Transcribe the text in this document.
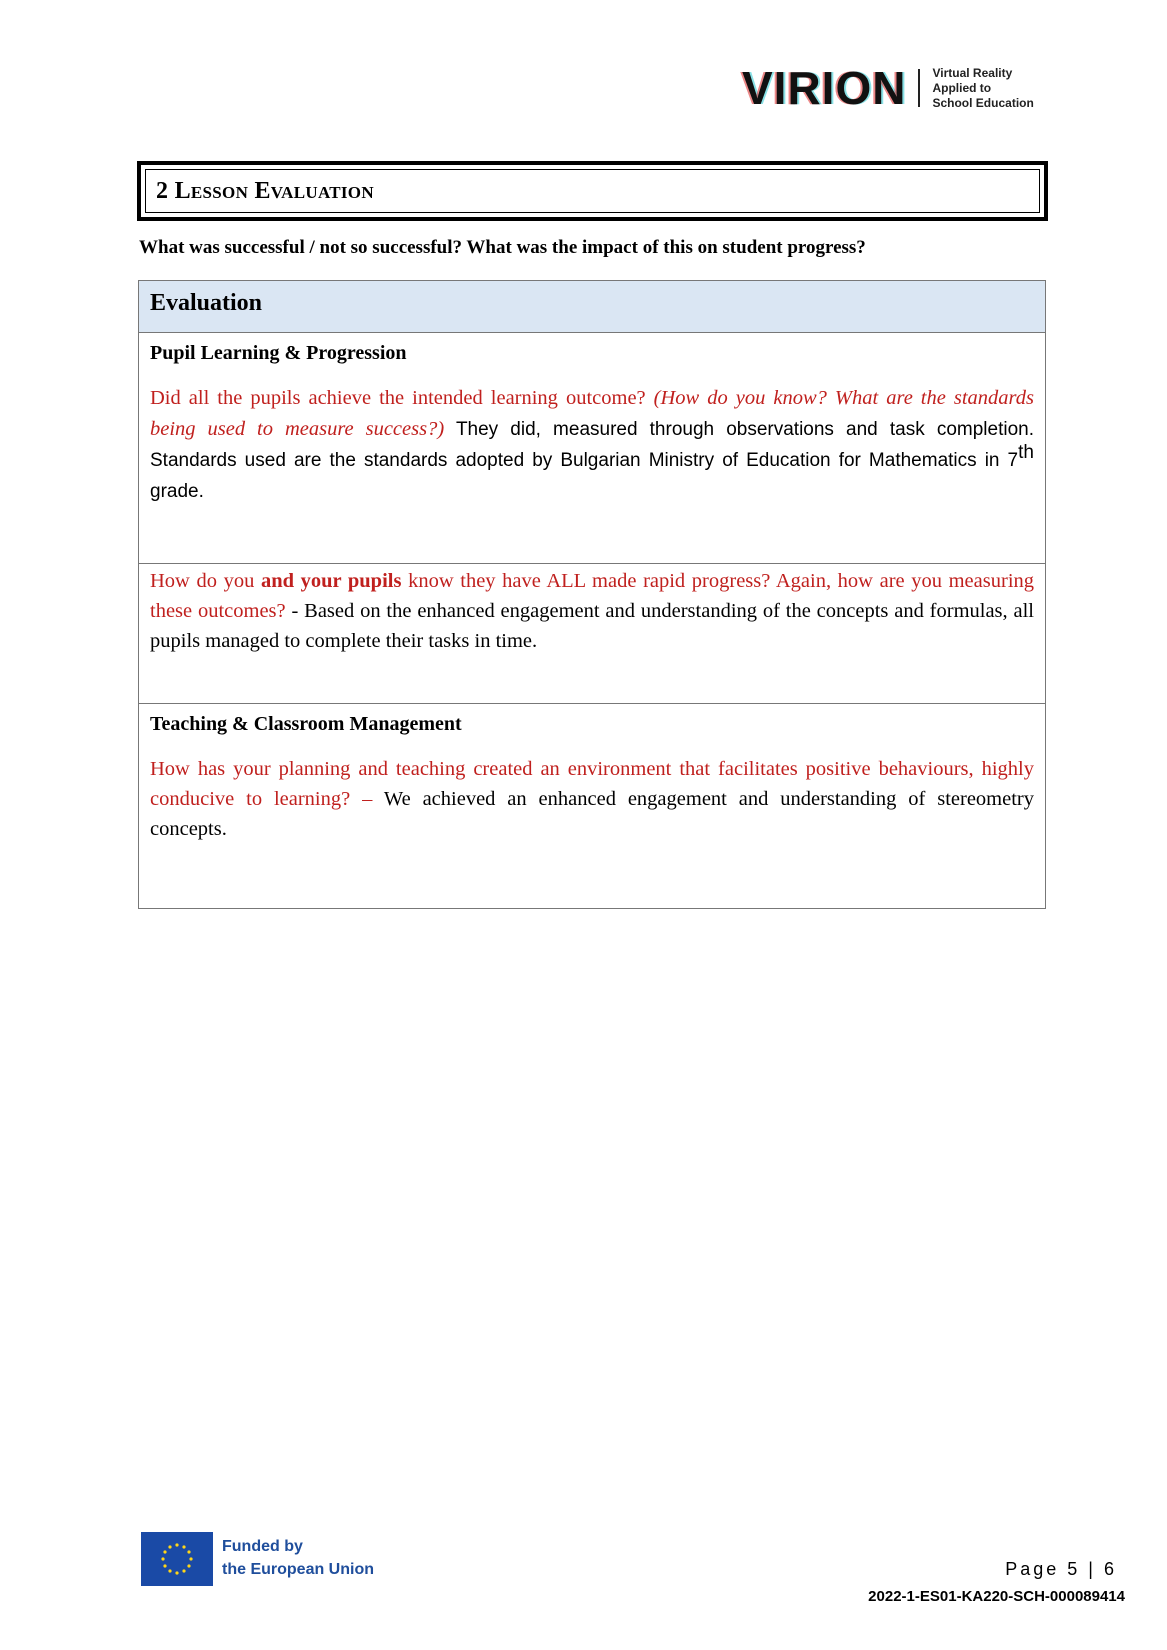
VIRION Virtual Reality
Applied to
School Education
2 Lesson Evaluation
What was successful / not so successful? What was the impact of this on student progress?
Evaluation
Pupil Learning & Progression

Did all the pupils achieve the intended learning outcome? (How do you know? What are the standards being used to measure success?) They did, measured through observations and task completion. Standards used are the standards adopted by Bulgarian Ministry of Education for Mathematics in 7th grade.

How do you and your pupils know they have ALL made rapid progress? Again, how are you measuring these outcomes? - Based on the enhanced engagement and understanding of the concepts and formulas, all pupils managed to complete their tasks in time.

Teaching & Classroom Management

How has your planning and teaching created an environment that facilitates positive behaviours, highly conducive to learning? – We achieved an enhanced engagement and understanding of stereometry concepts.

Funded by
the European Union	Page 5 | 6
2022-1-ES01-KA220-SCH-000089414
